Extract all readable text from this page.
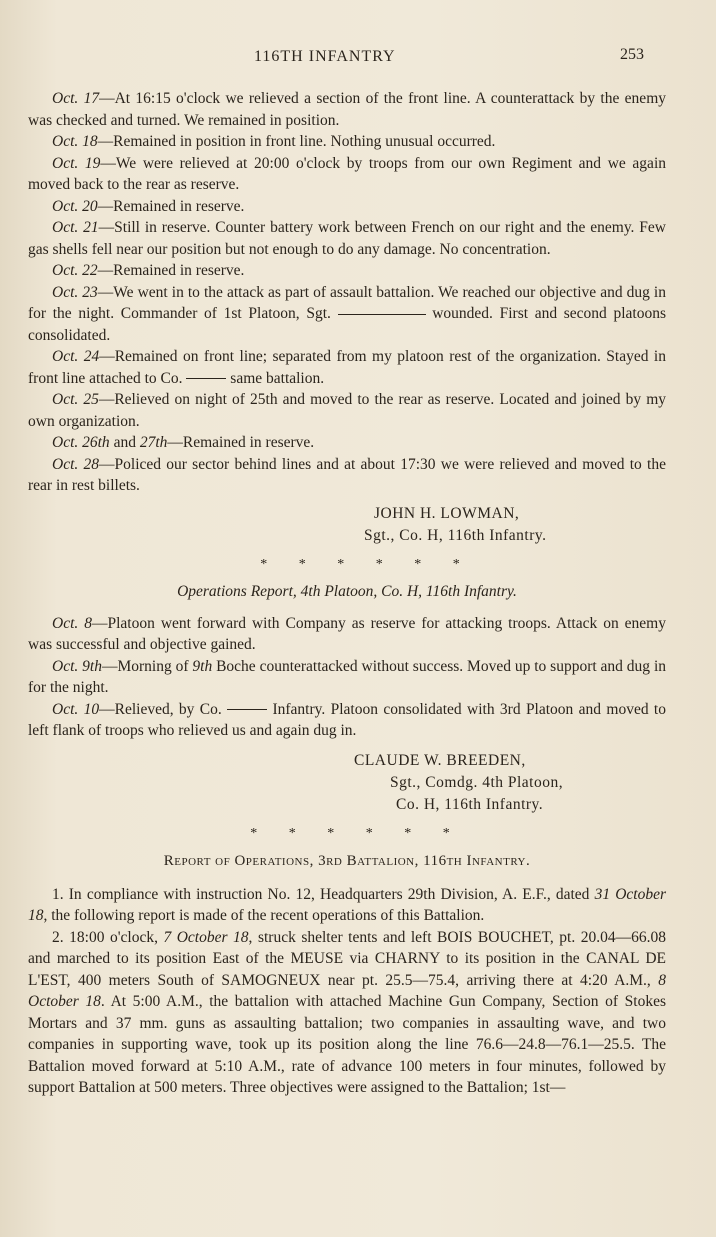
116TH INFANTRY	253

Oct. 17—At 16:15 o'clock we relieved a section of the front line. A counterattack by the enemy was checked and turned. We remained in position.

Oct. 18—Remained in position in front line. Nothing unusual occurred.

Oct. 19—We were relieved at 20:00 o'clock by troops from our own Regiment and we again moved back to the rear as reserve.

Oct. 20—Remained in reserve.

Oct. 21—Still in reserve. Counter battery work between French on our right and the enemy. Few gas shells fell near our position but not enough to do any damage. No concentration.

Oct. 22—Remained in reserve.

Oct. 23—We went in to the attack as part of assault battalion. We reached our objective and dug in for the night. Commander of 1st Platoon, Sgt.	wounded. First and second platoons consolidated.

Oct. 24—Remained on front line; separated from my platoon rest of the organization. Stayed in front line attached to Co.	same battalion.

Oct. 25—Relieved on night of 25th and moved to the rear as reserve. Located and joined by my own organization.

Oct. 26th and 27th—Remained in reserve.

Oct. 28—Policed our sector behind lines and at about 17:30 we were relieved and moved to the rear in rest billets.

JOHN H. LOWMAN,
Sgt., Co. H, 116th Infantry.
* * * * * *
Operations Report, 4th Platoon, Co. H, 116th Infantry.

Oct. 8—Platoon went forward with Company as reserve for attacking troops. Attack on enemy was successful and objective gained.

Oct. 9th—Morning of 9th Boche counterattacked without success. Moved up to support and dug in for the night.

Oct. 10—Relieved, by Co.	Infantry. Platoon consolidated with 3rd Platoon and moved to left flank of troops who relieved us and again dug in.

CLAUDE W. BREEDEN,
Sgt., Comdg. 4th Platoon,
Co. H, 116th Infantry.
* * * * * *
Report of Operations, 3rd Battalion, 116th Infantry.

1. In compliance with instruction No. 12, Headquarters 29th Division, A. E.F., dated 31 October 18, the following report is made of the recent operations of this Battalion.

2. 18:00 o'clock, 7 October 18, struck shelter tents and left BOIS BOUCHET, pt. 20.04—66.08 and marched to its position East of the MEUSE via CHARNY to its position in the CANAL DE L'EST, 400 meters South of SAMOGNEUX near pt. 25.5—75.4, arriving there at 4:20 A.M., 8 October 18. At 5:00 A.M., the battalion with attached Machine Gun Company, Section of Stokes Mortars and 37 mm. guns as assaulting battalion; two companies in assaulting wave, and two companies in supporting wave, took up its position along the line 76.6—24.8—76.1—25.5. The Battalion moved forward at 5:10 A.M., rate of advance 100 meters in four minutes, followed by support Battalion at 500 meters. Three objectives were assigned to the Battalion; 1st—
